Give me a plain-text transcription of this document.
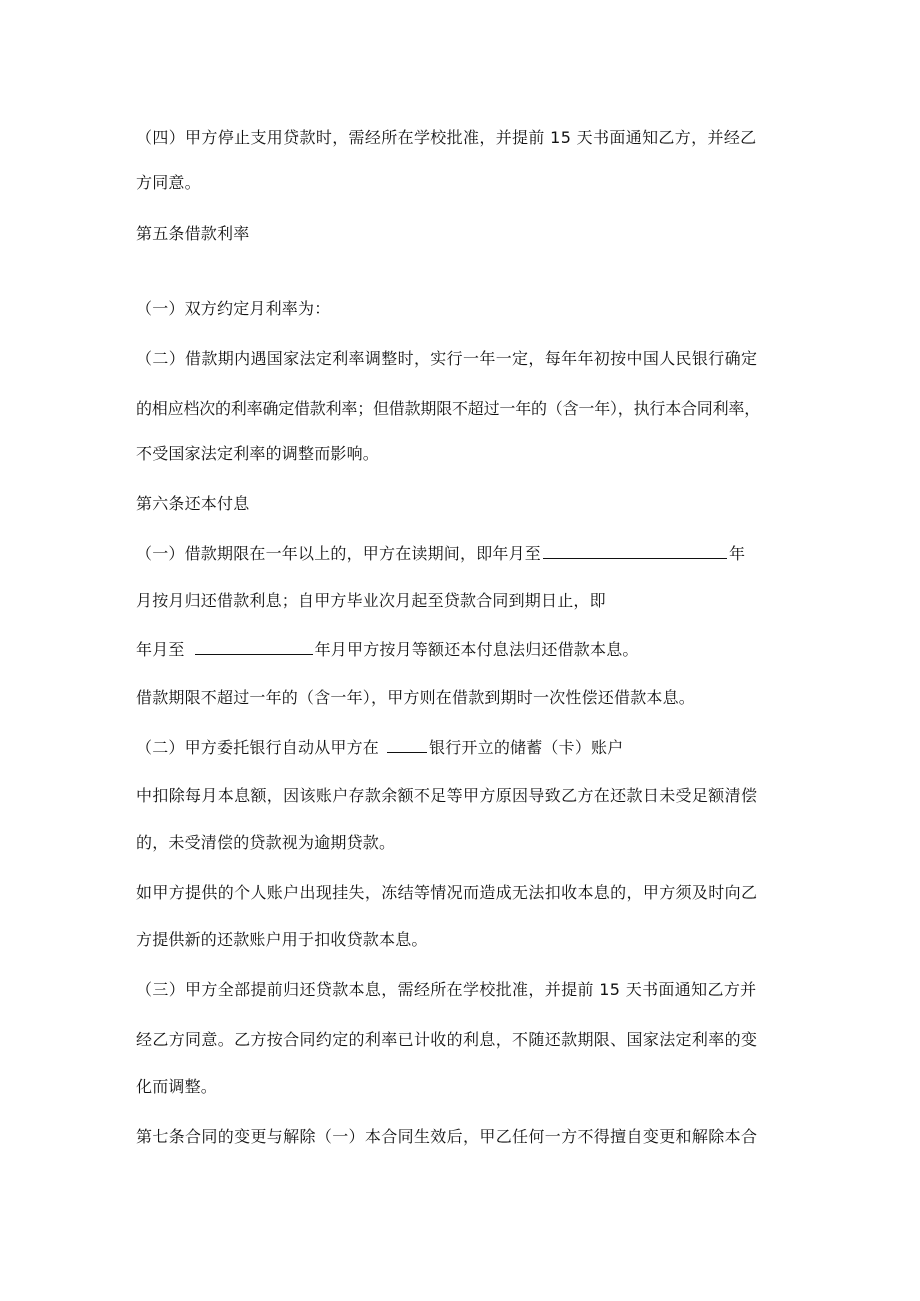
（四）甲方停止支用贷款时，需经所在学校批准，并提前 15 天书面通知乙方，并经乙

方同意。

第五条借款利率

（一）双方约定月利率为：

（二）借款期内遇国家法定利率调整时，实行一年一定，每年年初按中国人民银行确定

的相应档次的利率确定借款利率；但借款期限不超过一年的（含一年），执行本合同利率，

不受国家法定利率的调整而影响。

第六条还本付息

（一）借款期限在一年以上的，甲方在读期间，即年月至	年

月按月归还借款利息；自甲方毕业次月起至贷款合同到期日止，即

年月至	年月甲方按月等额还本付息法归还借款本息。

借款期限不超过一年的（含一年），甲方则在借款到期时一次性偿还借款本息。

（二）甲方委托银行自动从甲方在	银行开立的储蓄（卡）账户

中扣除每月本息额，因该账户存款余额不足等甲方原因导致乙方在还款日未受足额清偿

的，未受清偿的贷款视为逾期贷款。

如甲方提供的个人账户出现挂失，冻结等情况而造成无法扣收本息的，甲方须及时向乙

方提供新的还款账户用于扣收贷款本息。

（三）甲方全部提前归还贷款本息，需经所在学校批准，并提前 15 天书面通知乙方并

经乙方同意。乙方按合同约定的利率已计收的利息，不随还款期限、国家法定利率的变

化而调整。

第七条合同的变更与解除（一）本合同生效后，甲乙任何一方不得擅自变更和解除本合
